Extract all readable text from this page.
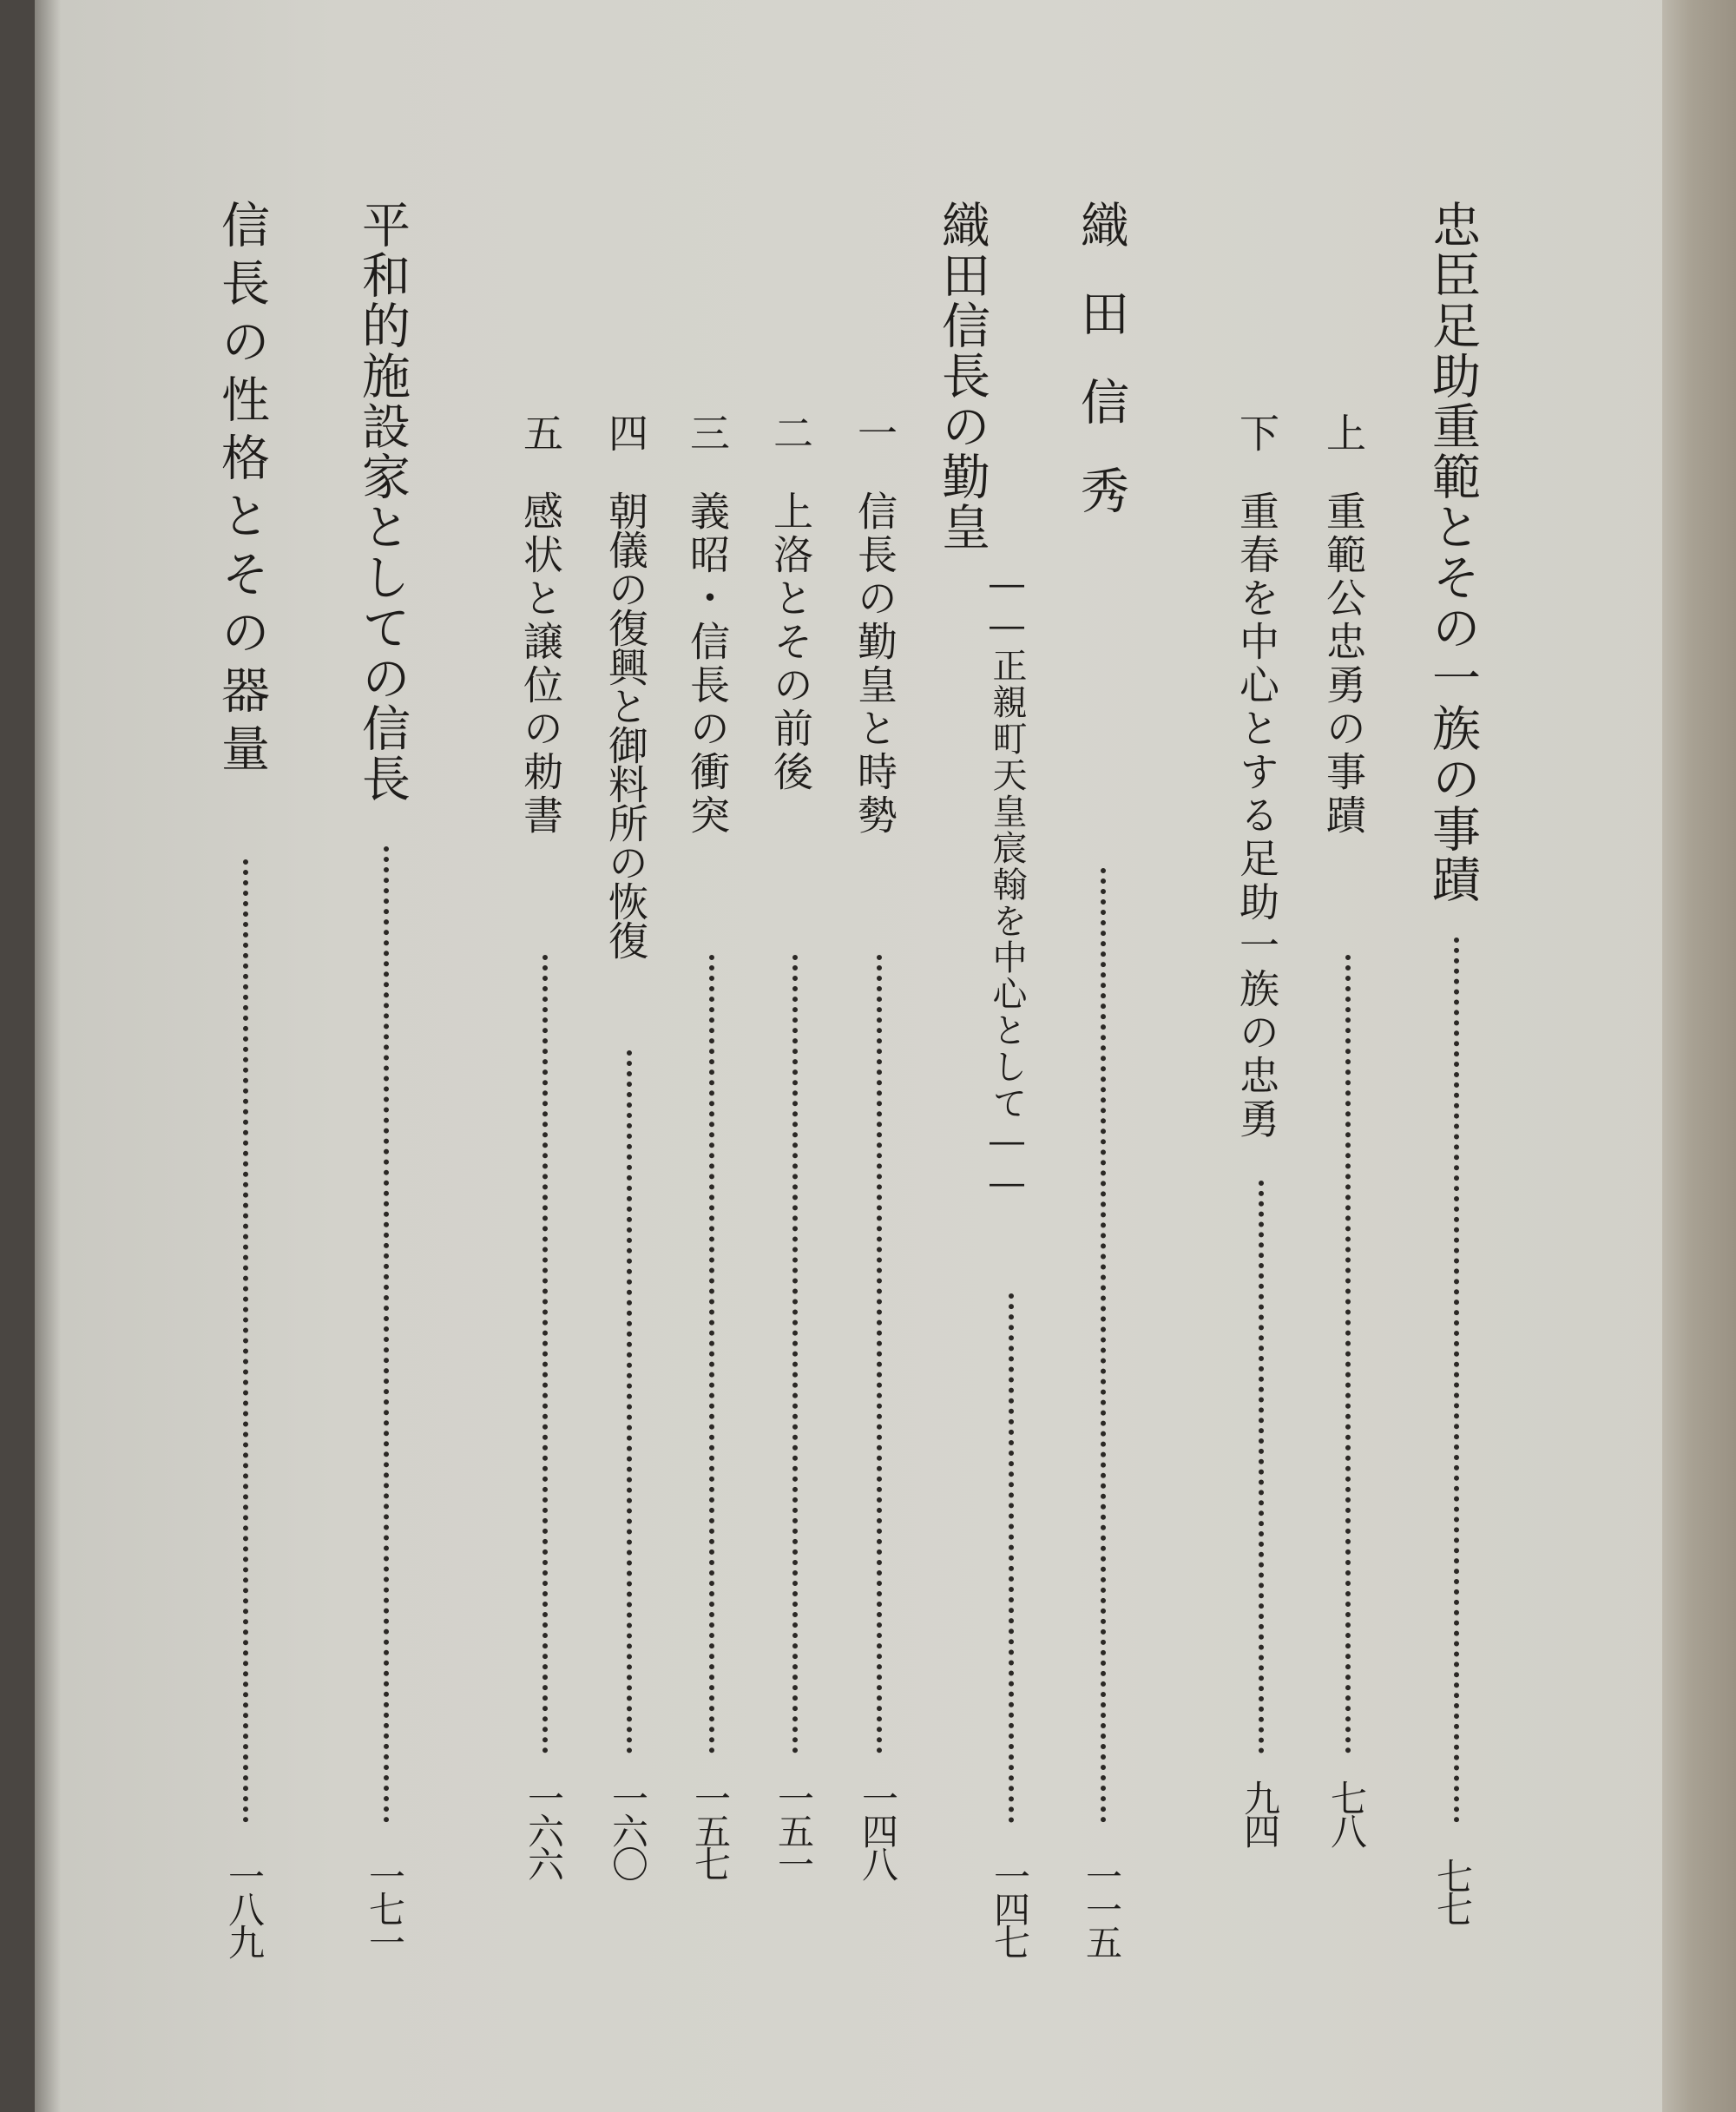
忠臣足助重範とその一族の事蹟
七七
上
重範公忠勇の事蹟
七八
下
重春を中心とする足助一族の忠勇
九四
織田信秀
一一五
織田信長の勤皇
――正親町天皇宸翰を中心として――
一四七
一
信長の勤皇と時勢
一四八
二
上洛とその前後
一五一
三
義昭・信長の衝突
一五七
四
朝儀の復興と御料所の恢復
一六〇
五
感状と譲位の勅書
一六六
平和的施設家としての信長
一七一
信長の性格とその器量
一八九
